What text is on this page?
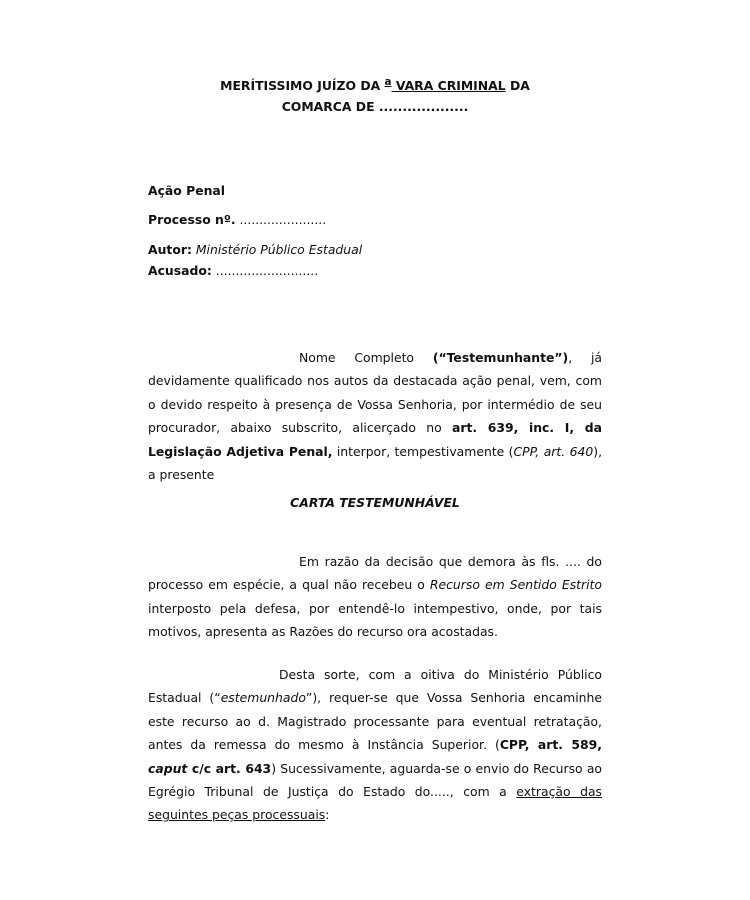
MERÍTISSIMO JUÍZO DA $^a$ VARA CRIMINAL DA
COMARCA DE ...................
Ação Penal
Processo nº. ......................
Autor: Ministério Público Estadual
Acusado: ..........................
Nome Completo (“Testemunhante”), já devidamente qualificado nos autos da destacada ação penal, vem, com o devido respeito à presença de Vossa Senhoria, por intermédio de seu procurador, abaixo subscrito, alicerçado no art. 639, inc. I, da Legislação Adjetiva Penal, interpor, tempestivamente (CPP, art. 640), a presente
CARTA TESTEMUNHÁVEL
Em razão da decisão que demora às fls. .... do processo em espécie, a qual não recebeu o Recurso em Sentido Estrito interposto pela defesa, por entendê-lo intempestivo, onde, por tais motivos, apresenta as Razões do recurso ora acostadas.
Desta sorte, com a oitiva do Ministério Público Estadual (“estemunhado”), requer-se que Vossa Senhoria encaminhe este recurso ao d. Magistrado processante para eventual retratação, antes da remessa do mesmo à Instância Superior. (CPP, art. 589, caput c/c art. 643) Sucessivamente, aguarda-se o envio do Recurso ao Egrégio Tribunal de Justiça do Estado do....., com a extração das seguintes peças processuais:
